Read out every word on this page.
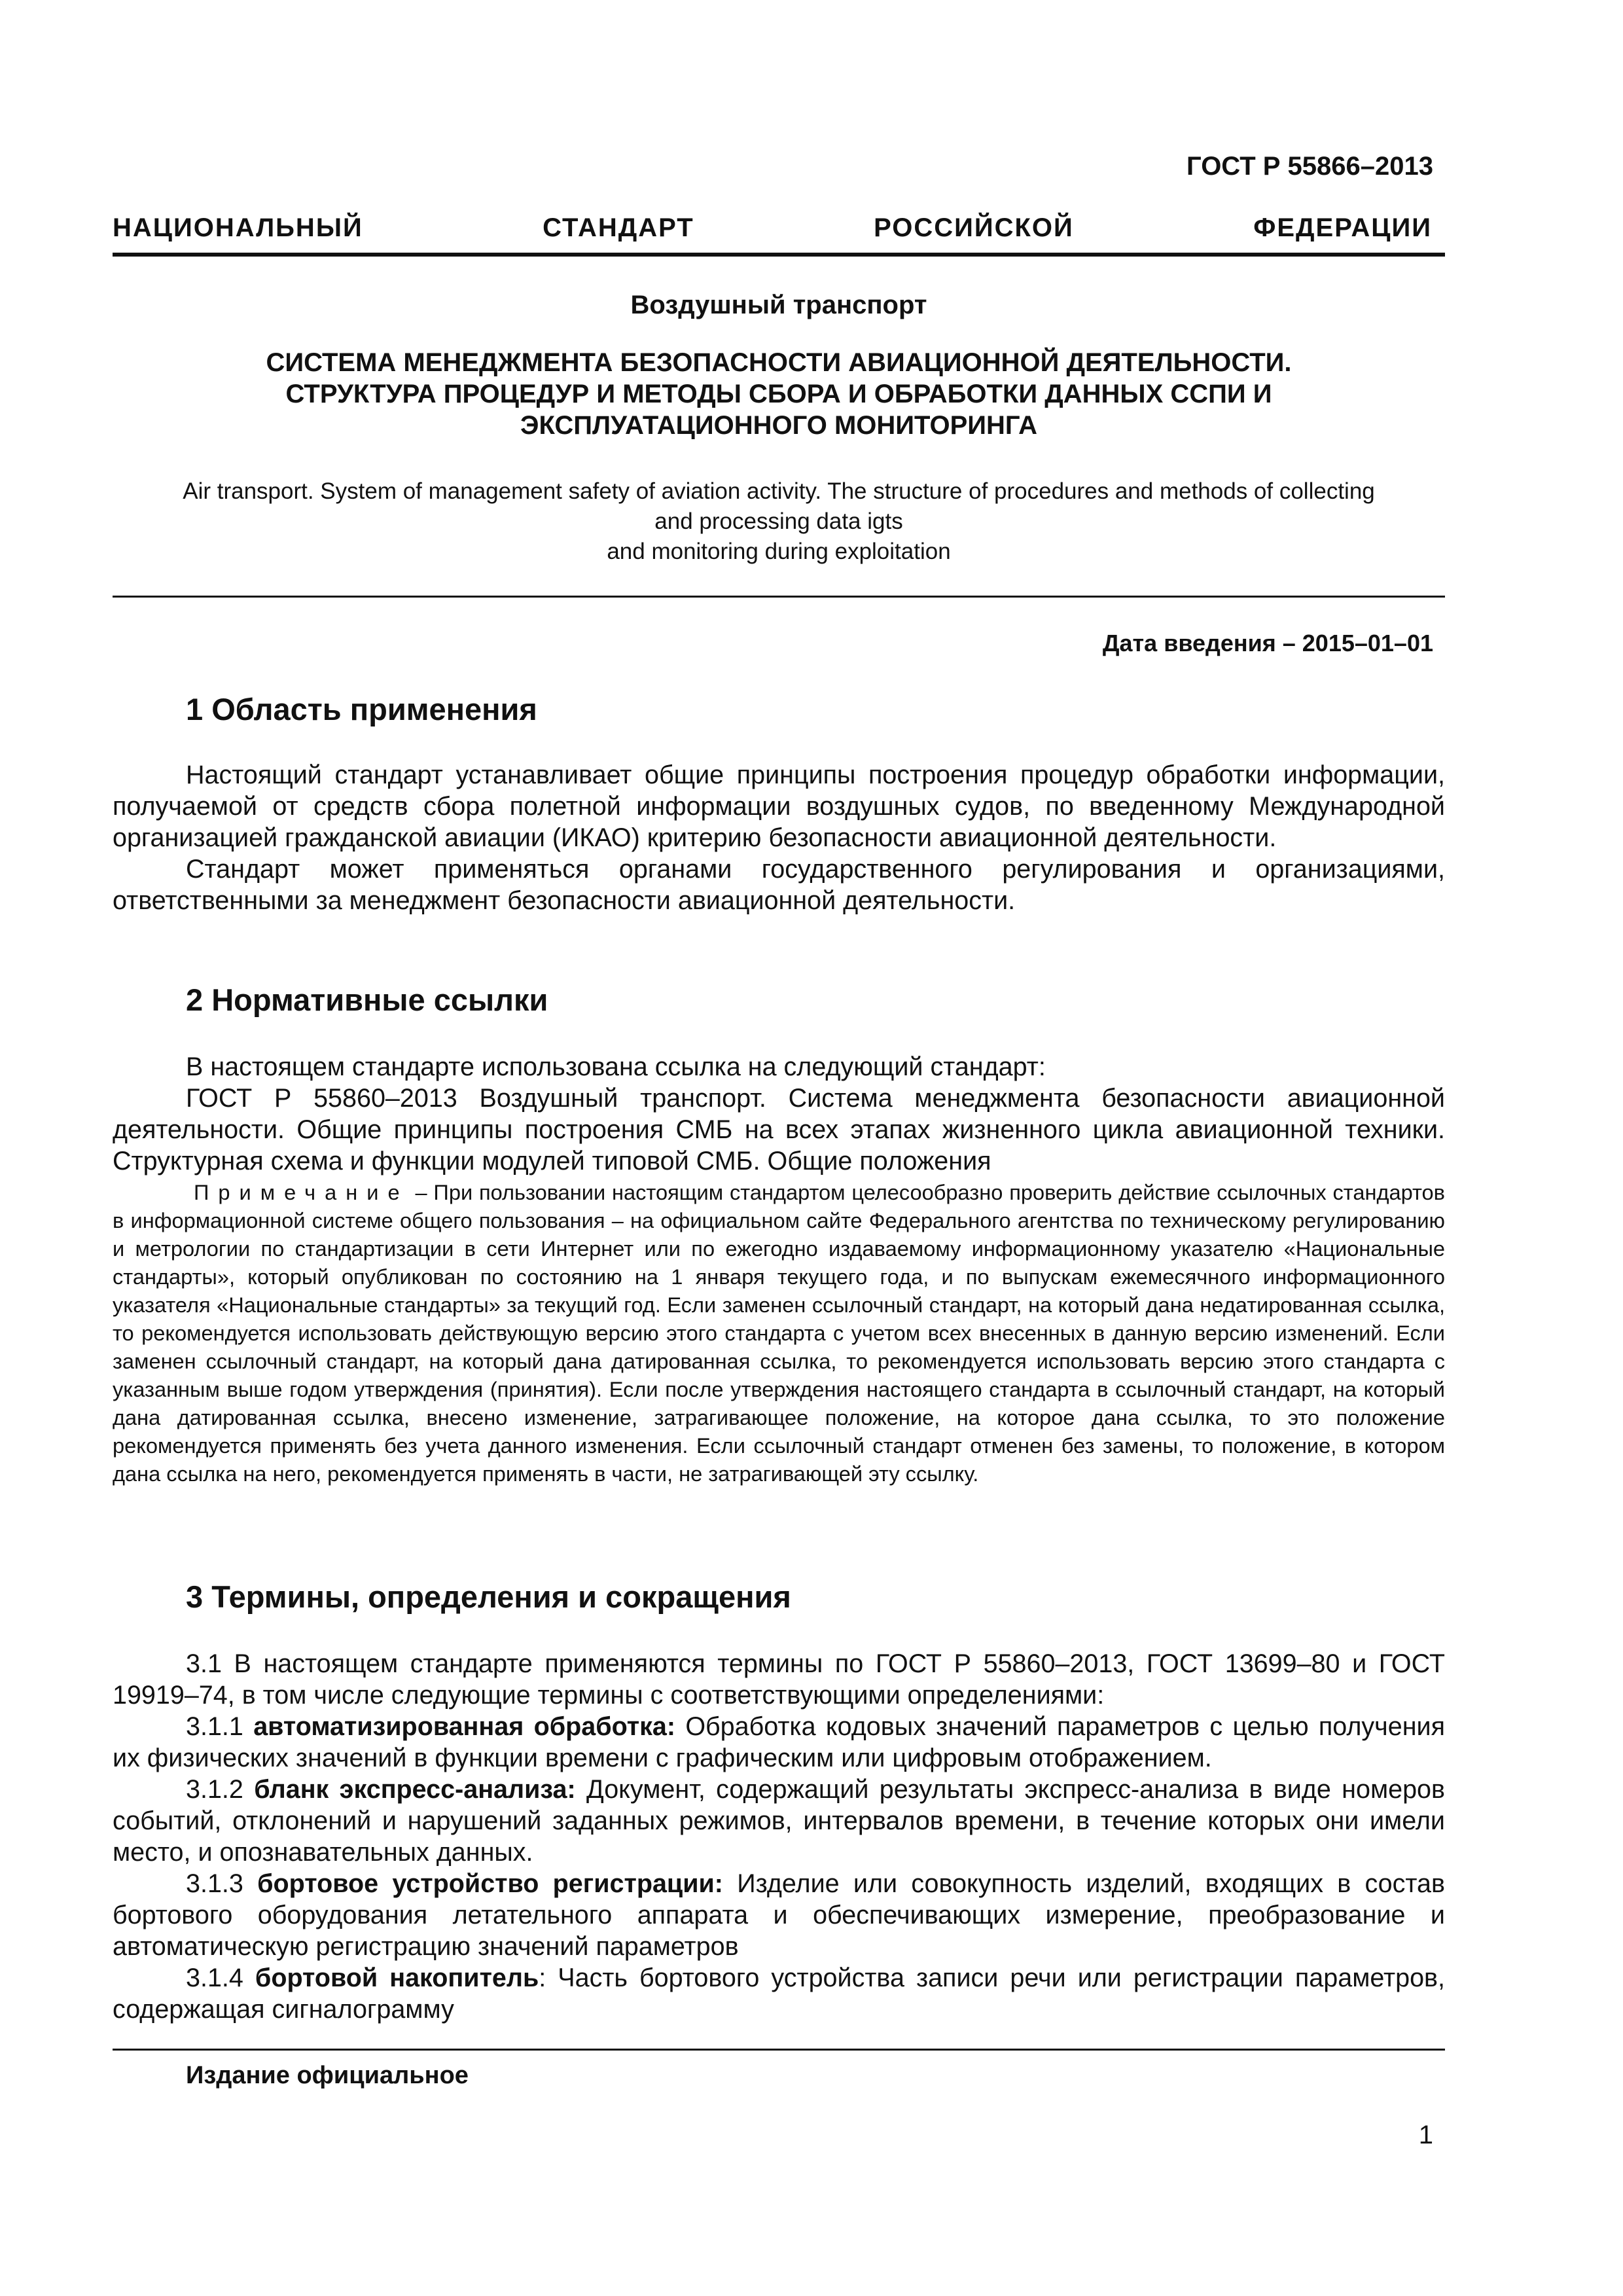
ГОСТ Р 55866–2013
НАЦИОНАЛЬНЫЙ	СТАНДАРТ	РОССИЙСКОЙ	ФЕДЕРАЦИИ
Воздушный транспорт
СИСТЕМА МЕНЕДЖМЕНТА БЕЗОПАСНОСТИ АВИАЦИОННОЙ ДЕЯТЕЛЬНОСТИ.
СТРУКТУРА ПРОЦЕДУР И МЕТОДЫ СБОРА И ОБРАБОТКИ ДАННЫХ ССПИ И
ЭКСПЛУАТАЦИОННОГО МОНИТОРИНГА
Air transport. System of management safety of aviation activity. The structure of procedures and methods of collecting
and processing data igts
and monitoring during exploitation
Дата введения – 2015–01–01
1 Область применения

Настоящий стандарт устанавливает общие принципы построения процедур обработки информации, получаемой от средств сбора полетной информации воздушных судов, по введенному Международной организацией гражданской авиации (ИКАО) критерию безопасности авиационной деятельности.

Стандарт может применяться органами государственного регулирования и организациями, ответственными за менеджмент безопасности авиационной деятельности.

2 Нормативные ссылки

В настоящем стандарте использована ссылка на следующий стандарт:

ГОСТ Р 55860–2013 Воздушный транспорт. Система менеджмента безопасности авиационной деятельности. Общие принципы построения СМБ на всех этапах жизненного цикла авиационной техники. Структурная схема и функции модулей типовой СМБ. Общие положения

Примечание – При пользовании настоящим стандартом целесообразно проверить действие ссылочных стандартов в информационной системе общего пользования – на официальном сайте Федерального агентства по техническому регулированию и метрологии по стандартизации в сети Интернет или по ежегодно издаваемому информационному указателю «Национальные стандарты», который опубликован по состоянию на 1 января текущего года, и по выпускам ежемесячного информационного указателя «Национальные стандарты» за текущий год. Если заменен ссылочный стандарт, на который дана недатированная ссылка, то рекомендуется использовать действующую версию этого стандарта с учетом всех внесенных в данную версию изменений. Если заменен ссылочный стандарт, на который дана датированная ссылка, то рекомендуется использовать версию этого стандарта с указанным выше годом утверждения (принятия). Если после утверждения настоящего стандарта в ссылочный стандарт, на который дана датированная ссылка, внесено изменение, затрагивающее положение, на которое дана ссылка, то это положение рекомендуется применять без учета данного изменения. Если ссылочный стандарт отменен без замены, то положение, в котором дана ссылка на него, рекомендуется применять в части, не затрагивающей эту ссылку.

3 Термины, определения и сокращения

3.1 В настоящем стандарте применяются термины по ГОСТ Р 55860–2013, ГОСТ 13699–80 и ГОСТ 19919–74, в том числе следующие термины с соответствующими определениями:

3.1.1 автоматизированная обработка: Обработка кодовых значений параметров с целью получения их физических значений в функции времени с графическим или цифровым отображением.

3.1.2 бланк экспресс-анализа: Документ, содержащий результаты экспресс-анализа в виде номеров событий, отклонений и нарушений заданных режимов, интервалов времени, в течение которых они имели место, и опознавательных данных.

3.1.3 бортовое устройство регистрации: Изделие или совокупность изделий, входящих в состав бортового оборудования летательного аппарата и обеспечивающих измерение, преобразование и автоматическую регистрацию значений параметров

3.1.4 бортовой накопитель: Часть бортового устройства записи речи или регистрации параметров, содержащая сигналограмму

Издание официальное
1
